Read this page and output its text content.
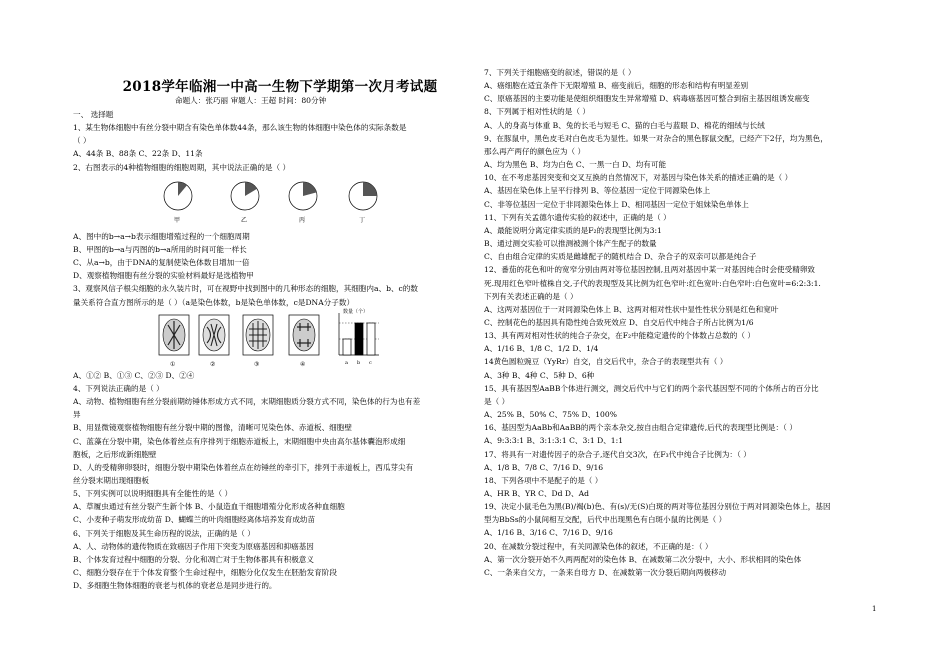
2018学年临湘一中高一生物下学期第一次月考试题
命题人：张巧丽 审题人：王超 时间：80分钟
一、 选择题
1、某生物体细胞中有丝分裂中期含有染色单体数44条，那么该生物的体细胞中染色体的实际条数是
（ ）
A、44条 B、88条 C、22条 D、11条
2、右图表示的4种植物细胞的细胞周期，其中说法正确的是（ ）
甲	乙	丙	丁
A、图中的b→a→b表示细胞增殖过程的一个细胞周期
B、甲图的b→a与丙图的b→a所用的时间可能一样长
C、从a→b，由于DNA的复制使染色体数目增加一倍
D、观察植物细胞有丝分裂的实验材料最好是选植物甲
3、观察风信子根尖细胞的永久装片时，可在视野中找到图中的几种形态的细胞，其细胞内a、b、c的数
量关系符合直方图所示的是（ ）（a是染色体数，b是染色单体数，c是DNA分子数）
①	②	③	④
数量（个）
a b c
A、①② B、①③ C、②③ D、②④
4、下列说法正确的是（ ）
A、动物、植物细胞有丝分裂前期纺锤体形成方式不同，末期细胞质分裂方式不同，染色体的行为也有差
异
B、用显微镜观察植物细胞有丝分裂中期的图像，清晰可见染色体、赤道板、细胞壁
C、蓝藻在分裂中期，染色体着丝点有序排列于细胞赤道板上，末期细胞中央由高尔基体囊泡形成细
胞板，之后形成新细胞壁
D、人的受精卵卵裂时，细胞分裂中期染色体着丝点在纺锤丝的牵引下，排列于赤道板上，西瓜芽尖有
丝分裂末期出现细胞板
5、下列实例可以说明细胞具有全能性的是（ ）
A、草履虫通过有丝分裂产生新个体 B、小鼠造血干细胞增殖分化形成各种血细胞
C、小麦种子萌发形成幼苗 D、蝴蝶兰的叶肉细胞经离体培养发育成幼苗
6、下列关于细胞及其生命历程的说法，正确的是（ ）
A、人、动物体的遗传物质在致癌因子作用下突变为原癌基因和抑癌基因
B、个体发育过程中细胞的分裂、分化和凋亡对于生物体都具有积极意义
C、细胞分裂存在于个体发育整个生命过程中，细胞分化仅发生在胚胎发育阶段
D、多细胞生物体细胞的衰老与机体的衰老总是同步进行的。
7、下列关于细胞癌变的叙述，错误的是（ ）
A、癌细胞在适宜条件下无限增殖 B、癌变前后，细胞的形态和结构有明显差别
C、原癌基因的主要功能是使组织细胞发生异常增殖 D、病毒癌基因可整合到宿主基因组诱发癌变
8、下列属于相对性状的是（ ）
A、人的身高与体重 B、兔的长毛与短毛 C、猫的白毛与蓝眼 D、棉花的细绒与长绒
9、在豚鼠中，黑色皮毛对白色皮毛为显性。如果一对杂合的黑色豚鼠交配，已经产下2仔，均为黑色，
那么再产两仔的颜色应为（ ）
A、均为黑色 B、均为白色 C、一黑一白 D、均有可能
10、在不考虑基因突变和交叉互换的自然情况下，对基因与染色体关系的描述正确的是（ ）
A、基因在染色体上呈平行排列 B、等位基因一定位于同源染色体上
C、非等位基因一定位于非同源染色体上 D、相同基因一定位于姐妹染色单体上
11、下列有关孟德尔遗传实验的叙述中，正确的是（ ）
A、最能说明分离定律实质的是F₂的表现型比例为3:1
B、通过测交实验可以推测被测个体产生配子的数量
C、自由组合定律的实质是雌雄配子的随机结合 D、杂合子的双亲可以都是纯合子
12、番茄的花色和叶的宽窄分别由两对等位基因控制,且两对基因中某一对基因纯合时会使受精卵致
死.现用红色窄叶植株自交,子代的表现型及其比例为红色窄叶:红色宽叶:白色窄叶:白色宽叶=6:2:3:1.
下列有关表述正确的是（ ）
A、这两对基因位于一对同源染色体上 B、这两对相对性状中显性性状分别是红色和宽叶
C、控制花色的基因具有隐性纯合致死效应 D、自交后代中纯合子所占比例为1/6
13、具有两对相对性状的纯合子杂交，在F₂中能稳定遗传的个体数占总数的（ ）
A、1/16 B、1/8 C、1/2 D、1/4
14黄色圆粒豌豆（YyRr）自交，自交后代中，杂合子的表现型共有（ ）
A、3种 B、4种 C、5种 D、6种
15、具有基因型AaBB个体进行测交，测交后代中与它们的两个亲代基因型不同的个体所占的百分比
是（ ）
A、25% B、50% C、75% D、100%
16、基因型为AaBb和AaBB的两个亲本杂交,按自由组合定律遗传,后代的表现型比例是：（ ）
A、9:3:3:1 B、3:1:3:1 C、3:1 D、1:1
17、将具有一对遗传因子的杂合子,逐代自交3次，在F₃代中纯合子比例为：（ ）
A、1/8 B、7/8 C、7/16 D、9/16
18、下列各项中不是配子的是（ ）
A、HR B、YR C、Dd D、Ad
19、决定小鼠毛色为黑(B)/褐(b)色、有(s)/无(S)白斑的两对等位基因分别位于两对同源染色体上，基因
型为BbSs的小鼠间相互交配，后代中出现黑色有白斑小鼠的比例是（ ）
A、1/16 B、3/16 C、7/16 D、9/16
20、在减数分裂过程中，有关同源染色体的叙述，不正确的是：（ ）
A、第一次分裂开始不久两两配对的染色体 B、在减数第二次分裂中，大小、形状相同的染色体
C、一条来自父方，一条来自母方 D、在减数第一次分裂后期向两极移动
1
